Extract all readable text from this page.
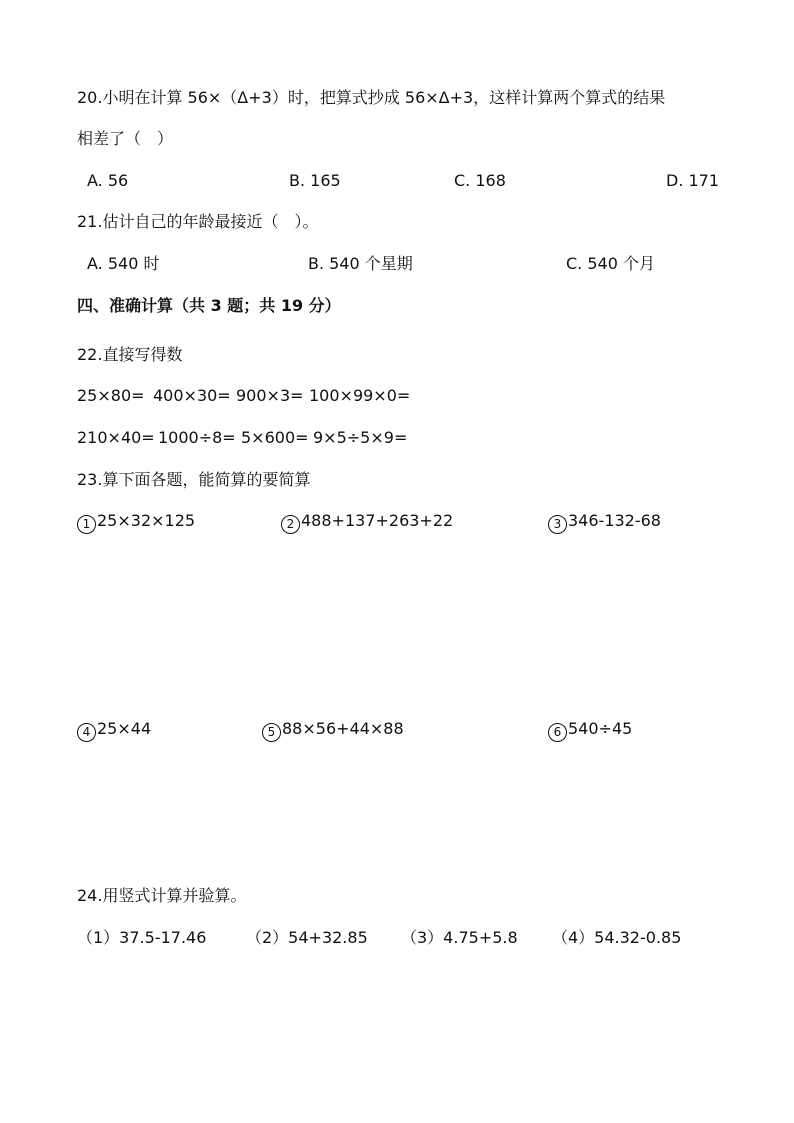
20.小明在计算 56×（Δ+3）时，把算式抄成 56×Δ+3，这样计算两个算式的结果
相差了（　）
A. 56	B. 165	C. 168	D. 171
21.估计自己的年龄最接近（　）。
A. 540 时	B. 540 个星期	C. 540 个月
四、准确计算（共 3 题；共 19 分）
22.直接写得数
25×80= 400×30= 900×3= 100×99×0=
210×40= 1000÷8= 5×600= 9×5÷5×9=
23.算下面各题，能简算的要简算
1 25×32×125	2 488+137+263+22	3 346-132-68
4 25×44	5 88×56+44×88	6 540÷45
24.用竖式计算并验算。
（1）37.5-17.46 （2）54+32.85 （3）4.75+5.8 （4）54.32-0.85
